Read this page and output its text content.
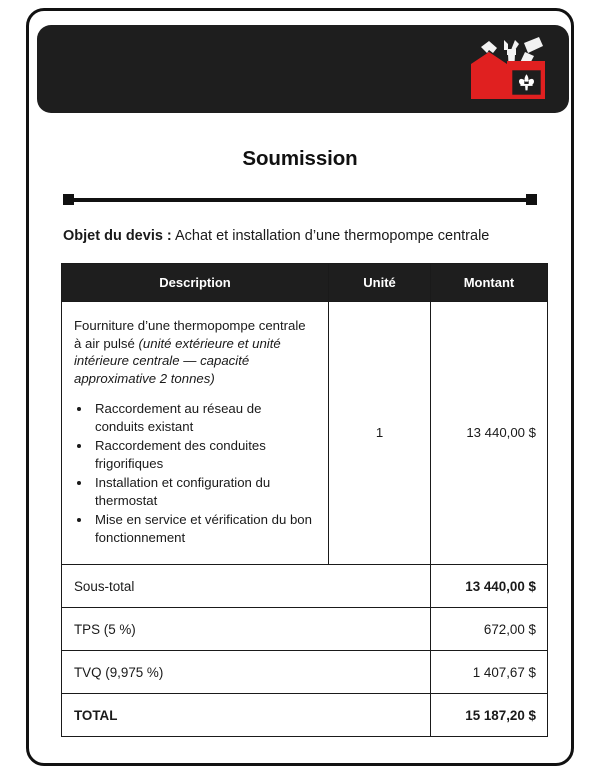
Soumission
Objet du devis : Achat et installation d’une thermopompe centrale
Description	Unité	Montant

Fourniture d’une thermopompe centrale à air pulsé (unité extérieure et unité intérieure centrale — capacité approximative 2 tonnes)
• Raccordement au réseau de conduits existant
• Raccordement des conduites frigorifiques
• Installation et configuration du thermostat
• Mise en service et vérification du bon fonctionnement
	1	13 440,00 $
Sous-total		13 440,00 $
TPS (5 %)		672,00 $
TVQ (9,975 %)		1 407,67 $
TOTAL		15 187,20 $
